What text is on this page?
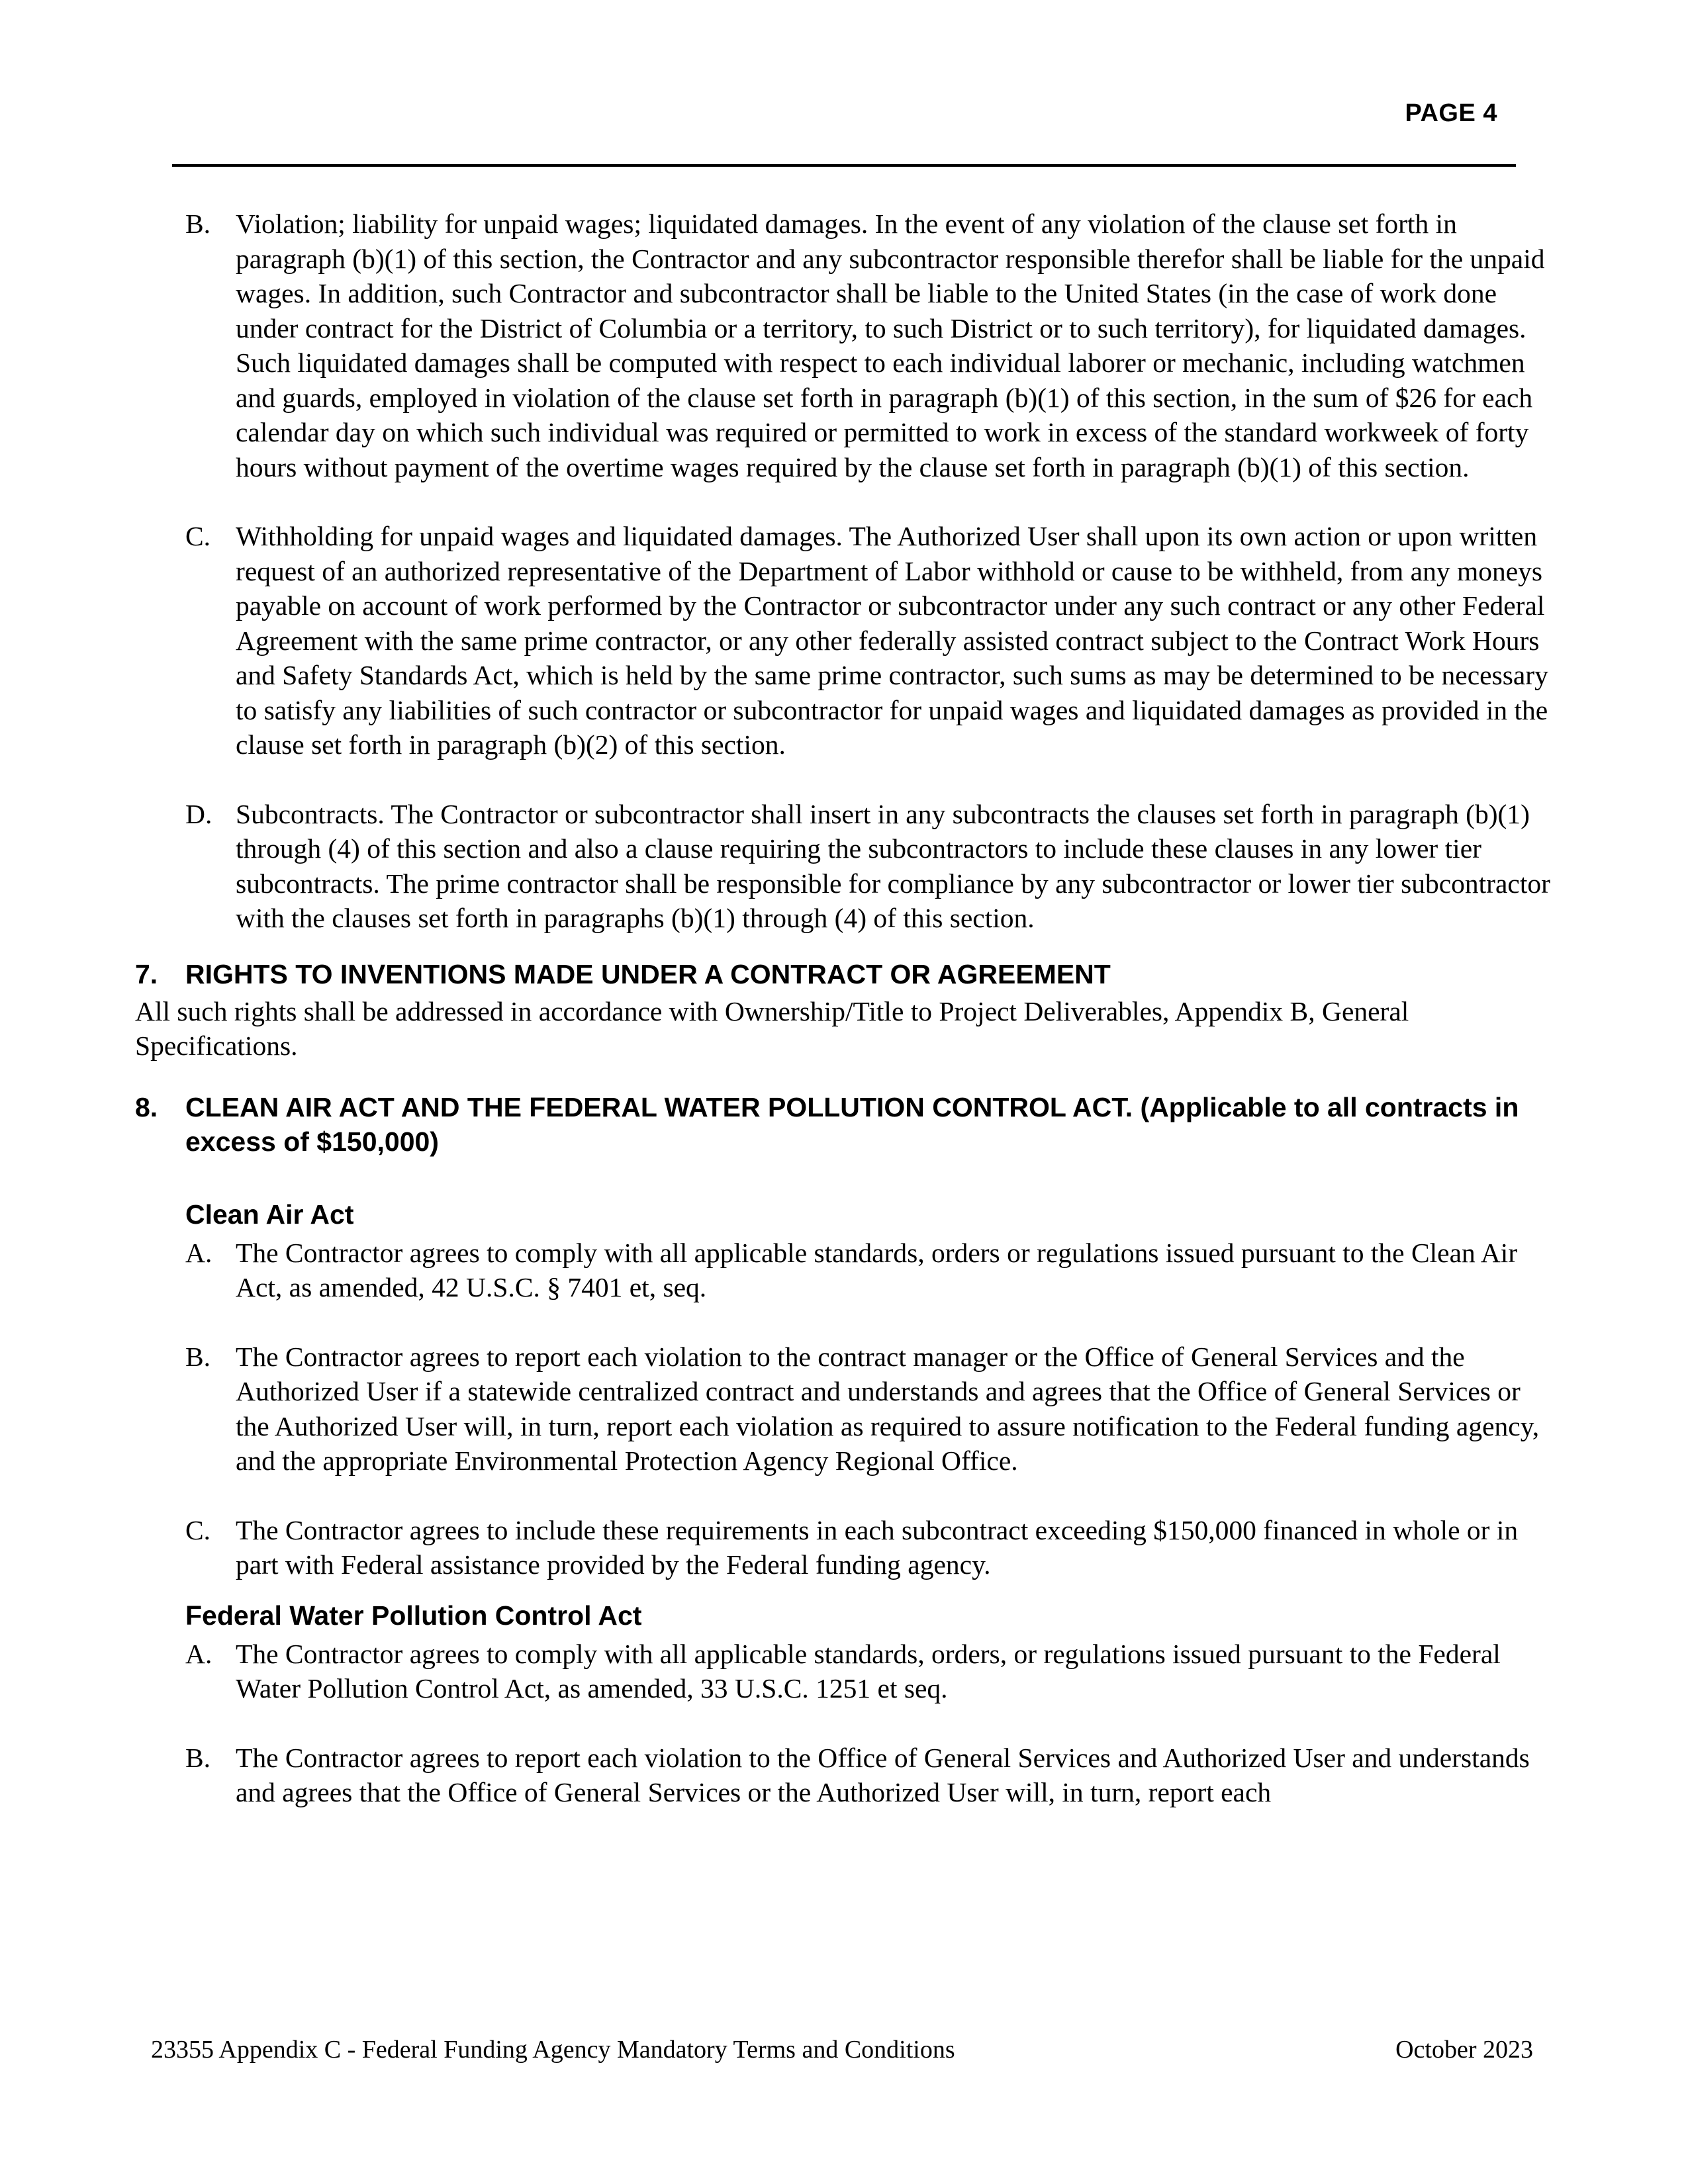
PAGE 4
B. Violation; liability for unpaid wages; liquidated damages. In the event of any violation of the clause set forth in paragraph (b)(1) of this section, the Contractor and any subcontractor responsible therefor shall be liable for the unpaid wages. In addition, such Contractor and subcontractor shall be liable to the United States (in the case of work done under contract for the District of Columbia or a territory, to such District or to such territory), for liquidated damages. Such liquidated damages shall be computed with respect to each individual laborer or mechanic, including watchmen and guards, employed in violation of the clause set forth in paragraph (b)(1) of this section, in the sum of $26 for each calendar day on which such individual was required or permitted to work in excess of the standard workweek of forty hours without payment of the overtime wages required by the clause set forth in paragraph (b)(1) of this section.

C. Withholding for unpaid wages and liquidated damages. The Authorized User shall upon its own action or upon written request of an authorized representative of the Department of Labor withhold or cause to be withheld, from any moneys payable on account of work performed by the Contractor or subcontractor under any such contract or any other Federal Agreement with the same prime contractor, or any other federally assisted contract subject to the Contract Work Hours and Safety Standards Act, which is held by the same prime contractor, such sums as may be determined to be necessary to satisfy any liabilities of such contractor or subcontractor for unpaid wages and liquidated damages as provided in the clause set forth in paragraph (b)(2) of this section.

D. Subcontracts. The Contractor or subcontractor shall insert in any subcontracts the clauses set forth in paragraph (b)(1) through (4) of this section and also a clause requiring the subcontractors to include these clauses in any lower tier subcontracts. The prime contractor shall be responsible for compliance by any subcontractor or lower tier subcontractor with the clauses set forth in paragraphs (b)(1) through (4) of this section.

7. RIGHTS TO INVENTIONS MADE UNDER A CONTRACT OR AGREEMENT
All such rights shall be addressed in accordance with Ownership/Title to Project Deliverables, Appendix B, General Specifications.
8. CLEAN AIR ACT AND THE FEDERAL WATER POLLUTION CONTROL ACT. (Applicable to all contracts in excess of $150,000)
Clean Air Act
A. The Contractor agrees to comply with all applicable standards, orders or regulations issued pursuant to the Clean Air Act, as amended, 42 U.S.C. § 7401 et, seq.

B. The Contractor agrees to report each violation to the contract manager or the Office of General Services and the Authorized User if a statewide centralized contract and understands and agrees that the Office of General Services or the Authorized User will, in turn, report each violation as required to assure notification to the Federal funding agency, and the appropriate Environmental Protection Agency Regional Office.

C. The Contractor agrees to include these requirements in each subcontract exceeding $150,000 financed in whole or in part with Federal assistance provided by the Federal funding agency.

Federal Water Pollution Control Act
A. The Contractor agrees to comply with all applicable standards, orders, or regulations issued pursuant to the Federal Water Pollution Control Act, as amended, 33 U.S.C. 1251 et seq.

B. The Contractor agrees to report each violation to the Office of General Services and Authorized User and understands and agrees that the Office of General Services or the Authorized User will, in turn, report each

23355 Appendix C - Federal Funding Agency Mandatory Terms and Conditions	October 2023
